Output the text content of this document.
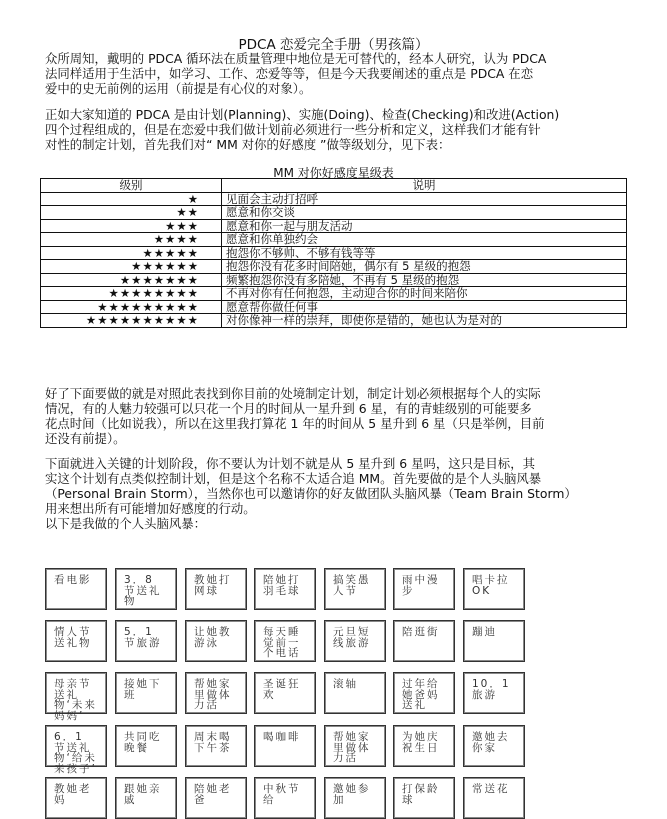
PDCA 恋爱完全手册（男孩篇）
众所周知，戴明的 PDCA 循环法在质量管理中地位是无可替代的，经本人研究，认为 PDCA
法同样适用于生活中，如学习、工作、恋爱等等，但是今天我要阐述的重点是 PDCA 在恋
爱中的史无前例的运用（前提是有心仪的对象）。
正如大家知道的 PDCA 是由计划(Planning)、实施(Doing)、检查(Checking)和改进(Action)
四个过程组成的，但是在恋爱中我们做计划前必须进行一些分析和定义，这样我们才能有针
对性的制定计划，首先我们对“ MM 对你的好感度 ”做等级划分，见下表：
MM 对你好感度星级表
级别	说明
★	见面会主动打招呼
★★	愿意和你交谈
★★★	愿意和你一起与朋友活动
★★★★	愿意和你单独约会
★★★★★	抱怨你不够帅、不够有钱等等
★★★★★★	抱怨你没有花多时间陪她，偶尔有 5 星级的抱怨
★★★★★★★	频繁抱怨你没有多陪她，不再有 5 星级的抱怨
★★★★★★★★	不再对你有任何抱怨，主动迎合你的时间来陪你
★★★★★★★★★	愿意帮你做任何事
★★★★★★★★★★	对你像神一样的崇拜，即使你是错的，她也认为是对的
好了下面要做的就是对照此表找到你目前的处境制定计划，制定计划必须根据每个人的实际
情况，有的人魅力较强可以只花一个月的时间从一星升到 6 星，有的青蛙级别的可能要多
花点时间（比如说我），所以在这里我打算花 1 年的时间从 5 星升到 6 星（只是举例，目前
还没有前提）。
下面就进入关键的计划阶段，你不要认为计划不就是从 5 星升到 6 星吗，这只是目标，其
实这个计划有点类似控制计划，但是这个名称不太适合追 MM。首先要做的是个人头脑风暴
（Personal Brain Storm），当然你也可以邀请你的好友做团队头脑风暴（Team Brain Storm）
用来想出所有可能增加好感度的行动。
以下是我做的个人头脑风暴：
看电影	3．8 节送礼物
教她打网球
陪她打羽毛球
搞笑愚人节
雨中漫步
唱卡拉 OK
情人节送礼物
5．1 节旅游
让她教游泳
每天睡觉前一个电话
元旦短线旅游
陪逛街	蹦迪
母亲节送礼物‘未来妈妈’
接她下班
帮她家里做体力活
圣诞狂欢
滚轴	过年给她爸妈送礼
10．1 旅游
6．1 节送礼物‘给未来孩子’
共同吃晚餐
周末喝下午茶
喝咖啡	帮她家里做体力活
为她庆祝生日
邀她去你家
教她老妈
跟她亲戚
陪她老爸
中秋节给
邀她参加
打保龄球
常送花
